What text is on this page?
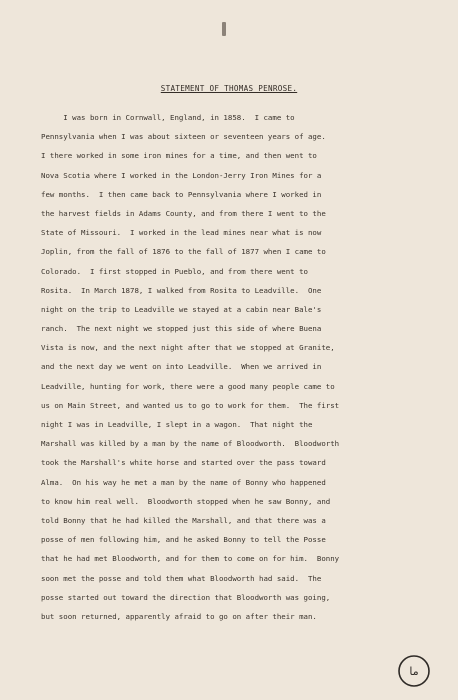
STATEMENT OF THOMAS PENROSE.
I was born in Cornwall, England, in 1858.  I came to
Pennsylvania when I was about sixteen or seventeen years of age.
I there worked in some iron mines for a time, and then went to
Nova Scotia where I worked in the London-Jerry Iron Mines for a
few months.  I then came back to Pennsylvania where I worked in
the harvest fields in Adams County, and from there I went to the
State of Missouri.  I worked in the lead mines near what is now
Joplin, from the fall of 1876 to the fall of 1877 when I came to
Colorado.  I first stopped in Pueblo, and from there went to
Rosita.  In March 1878, I walked from Rosita to Leadville.  One
night on the trip to Leadville we stayed at a cabin near Bale's
ranch.  The next night we stopped just this side of where Buena
Vista is now, and the next night after that we stopped at Granite,
and the next day we went on into Leadville.  When we arrived in
Leadville, hunting for work, there were a good many people came to
us on Main Street, and wanted us to go to work for them.  The first
night I was in Leadville, I slept in a wagon.  That night the
Marshall was killed by a man by the name of Bloodworth.  Bloodworth
took the Marshall's white horse and started over the pass toward
Alma.  On his way he met a man by the name of Bonny who happened
to know him real well.  Bloodworth stopped when he saw Bonny, and
told Bonny that he had killed the Marshall, and that there was a
posse of men following him, and he asked Bonny to tell the Posse
that he had met Bloodworth, and for them to come on for him.  Bonny
soon met the posse and told them what Bloodworth had said.  The
posse started out toward the direction that Bloodworth was going,
but soon returned, apparently afraid to go on after their man.
ما
